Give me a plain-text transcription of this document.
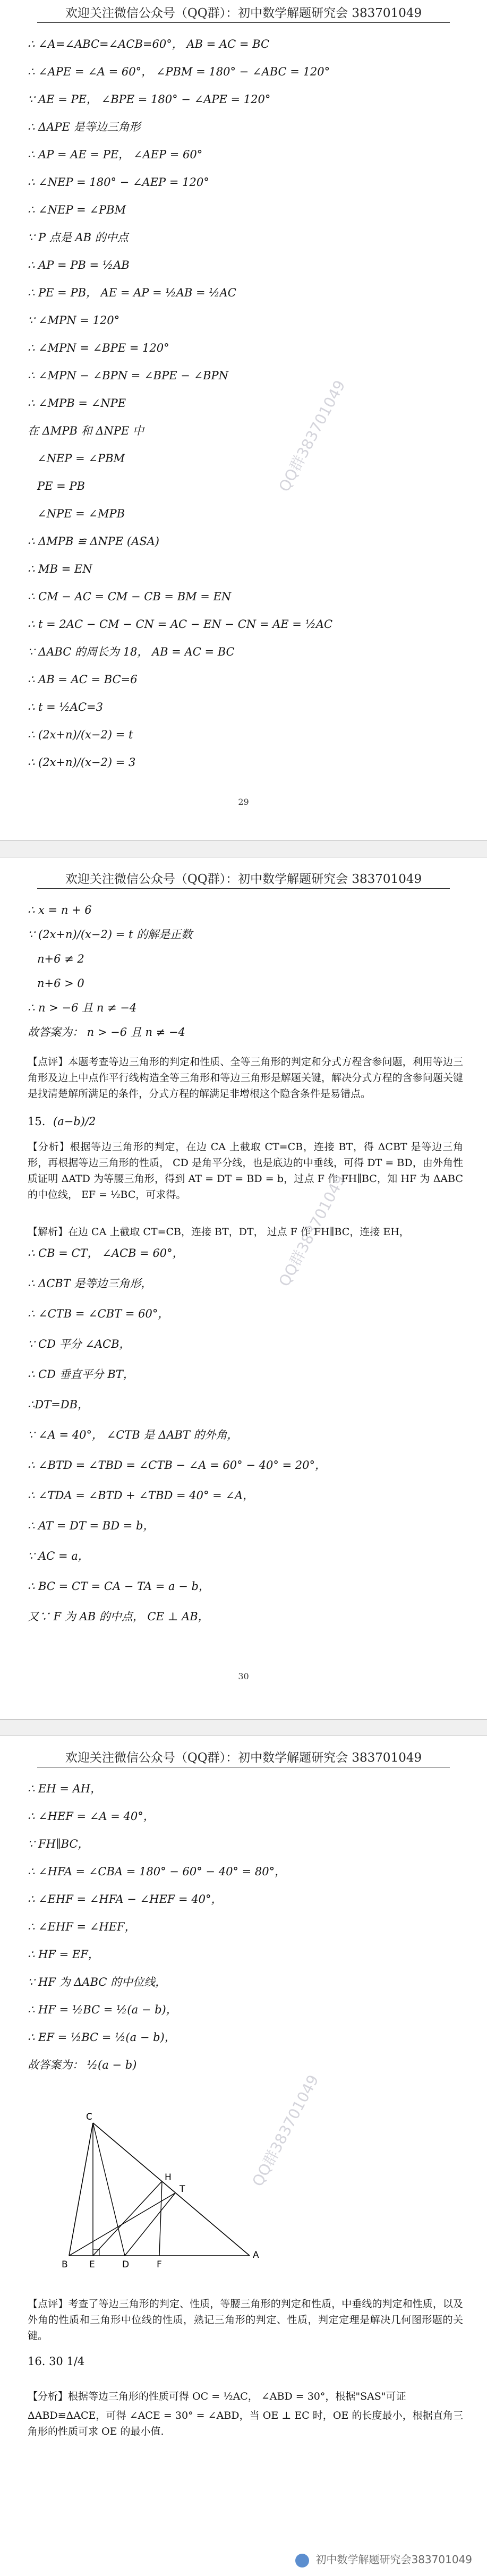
欢迎关注微信公众号（QQ群）：初中数学解题研究会 383701049
QQ群383701049
∴ ∠A=∠ABC=∠ACB=60°， AB = AC = BC
∴ ∠APE = ∠A = 60°， ∠PBM = 180° − ∠ABC = 120°
∵ AE = PE， ∠BPE = 180° − ∠APE = 120°
∴ ΔAPE 是等边三角形
∴ AP = AE = PE， ∠AEP = 60°
∴ ∠NEP = 180° − ∠AEP = 120°
∴ ∠NEP = ∠PBM
∵ P 点是 AB 的中点
∴ AP = PB = ½AB
∴ PE = PB， AE = AP = ½AB = ½AC
∵ ∠MPN = 120°
∴ ∠MPN = ∠BPE = 120°
∴ ∠MPN − ∠BPN = ∠BPE − ∠BPN
∴ ∠MPB = ∠NPE
在 ΔMPB 和 ΔNPE 中
∠NEP = ∠PBM
PE = PB
∠NPE = ∠MPB
∴ ΔMPB ≌ ΔNPE (ASA)
∴ MB = EN
∴ CM − AC = CM − CB = BM = EN
∴ t = 2AC − CM − CN = AC − EN − CN = AE = ½AC
∵ ΔABC 的周长为 18， AB = AC = BC
∴ AB = AC = BC=6
∴ t = ½AC=3
∴ (2x+n)/(x−2) = t
∴ (2x+n)/(x−2) = 3
29
欢迎关注微信公众号（QQ群）：初中数学解题研究会 383701049
∴ x = n + 6
∵ (2x+n)/(x−2) = t 的解是正数
n+6 ≠ 2
n+6 > 0
∴ n > −6 且 n ≠ −4
故答案为： n > −6 且 n ≠ −4
【点评】本题考查等边三角形的判定和性质、全等三角形的判定和分式方程含参问题，利用等边三角形及边上中点作平行线构造全等三角形和等边三角形是解题关键，解决分式方程的含参问题关键是找清楚解所满足的条件，分式方程的解满足非增根这个隐含条件是易错点。
15. (a−b)/2
【分析】根据等边三角形的判定，在边 CA 上截取 CT=CB，连接 BT，得 ΔCBT 是等边三角形，再根据等边三角形的性质， CD 是角平分线，也是底边的中垂线，可得 DT = BD，由外角性质证明 ΔATD 为等腰三角形，得到 AT = DT = BD = b，过点 F 作 FH∥BC，知 HF 为 ΔABC 的中位线， EF = ½BC，可求得。	QQ群383701049
【解析】在边 CA 上截取 CT=CB，连接 BT，DT， 过点 F 作 FH∥BC，连接 EH，
∴ CB = CT， ∠ACB = 60°，
∴ ΔCBT 是等边三角形，
∴ ∠CTB = ∠CBT = 60°，
∵ CD 平分 ∠ACB，
∴ CD 垂直平分 BT，
∴DT=DB，
∵ ∠A = 40°， ∠CTB 是 ΔABT 的外角，
∴ ∠BTD = ∠TBD = ∠CTB − ∠A = 60° − 40° = 20°，
∴ ∠TDA = ∠BTD + ∠TBD = 40° = ∠A，
∴ AT = DT = BD = b，
∵ AC = a，
∴ BC = CT = CA − TA = a − b，
又∵ F 为 AB 的中点， CE ⊥ AB，
30
欢迎关注微信公众号（QQ群）：初中数学解题研究会 383701049
∴ EH = AH，
∴ ∠HEF = ∠A = 40°，
∵ FH∥BC，
∴ ∠HFA = ∠CBA = 180° − 60° − 40° = 80°，
∴ ∠EHF = ∠HFA − ∠HEF = 40°，
∴ ∠EHF = ∠HEF，
∴ HF = EF，
∵ HF 为 ΔABC 的中位线，
∴ HF = ½BC = ½(a − b)，
∴ EF = ½BC = ½(a − b)，
故答案为： ½(a − b)
C
H
T
B E	D	F
A
QQ群383701049
【点评】考查了等边三角形的判定、性质，等腰三角形的判定和性质，中垂线的判定和性质，以及外角的性质和三角形中位线的性质，熟记三角形的判定、性质，判定定理是解决几何图形题的关键。
16. 30 1/4
【分析】根据等边三角形的性质可得 OC = ½AC， ∠ABD = 30°，根据"SAS"可证
ΔABD≌ΔACE，可得 ∠ACE = 30° = ∠ABD，当 OE ⊥ EC 时，OE 的长度最小，根据直角三角形的性质可求 OE 的最小值.
初中数学解题研究会383701049
